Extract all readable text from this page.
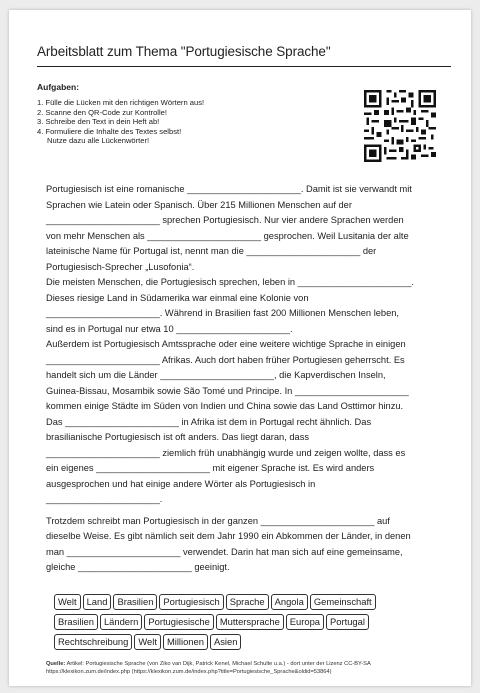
Arbeitsblatt zum Thema "Portugiesische Sprache"
Aufgaben:
1. Fülle die Lücken mit den richtigen Wörtern aus!
2. Scanne den QR-Code zur Kontrolle!
3. Schreibe den Text in dein Heft ab!
4. Formuliere die Inhalte des Textes selbst!
Nutze dazu alle Lückenwörter!

Portugiesisch ist eine romanische ______________________. Damit ist sie verwandt mit

Sprachen wie Latein oder Spanisch. Über 215 Millionen Menschen auf der

______________________ sprechen Portugiesisch. Nur vier andere Sprachen werden

von mehr Menschen als ______________________ gesprochen. Weil Lusitania der alte

lateinische Name für Portugal ist, nennt man die ______________________ der

Portugiesisch-Sprecher „Lusofonia“.

Die meisten Menschen, die Portugiesisch sprechen, leben in ______________________.

Dieses riesige Land in Südamerika war einmal eine Kolonie von

______________________. Während in Brasilien fast 200 Millionen Menschen leben,

sind es in Portugal nur etwa 10 ______________________.

Außerdem ist Portugiesisch Amtssprache oder eine weitere wichtige Sprache in einigen

______________________ Afrikas. Auch dort haben früher Portugiesen geherrscht. Es

handelt sich um die Länder ______________________, die Kapverdischen Inseln,

Guinea-Bissau, Mosambik sowie São Tomé und Principe. In ______________________

kommen einige Städte im Süden von Indien und China sowie das Land Osttimor hinzu.

Das ______________________ in Afrika ist dem in Portugal recht ähnlich. Das

brasilianische Portugiesisch ist oft anders. Das liegt daran, dass

______________________ ziemlich früh unabhängig wurde und zeigen wollte, dass es

ein eigenes ______________________ mit eigener Sprache ist. Es wird anders

ausgesprochen und hat einige andere Wörter als Portugiesisch in

______________________.

Trotzdem schreibt man Portugiesisch in der ganzen ______________________ auf

dieselbe Weise. Es gibt nämlich seit dem Jahr 1990 ein Abkommen der Länder, in denen

man ______________________ verwendet. Darin hat man sich auf eine gemeinsame,

gleiche ______________________ geeinigt.

Welt	Land	Brasilien	Portugiesisch	Sprache	Angola	Gemeinschaft
Brasilien	Ländern	Portugiesische	Muttersprache	Europa	Portugal
Rechtschreibung	Welt	Millionen	Asien
Quelle: Artikel: Portugiesische Sprache (von Ziko van Dijk, Patrick Kenel, Michael Schulte u.a.) - dort unter der Lizenz CC-BY-SA
https://klexikon.zum.de/index.php (https://klexikon.zum.de/index.php?title=Portugiesische_Sprache&oldid=53864)
